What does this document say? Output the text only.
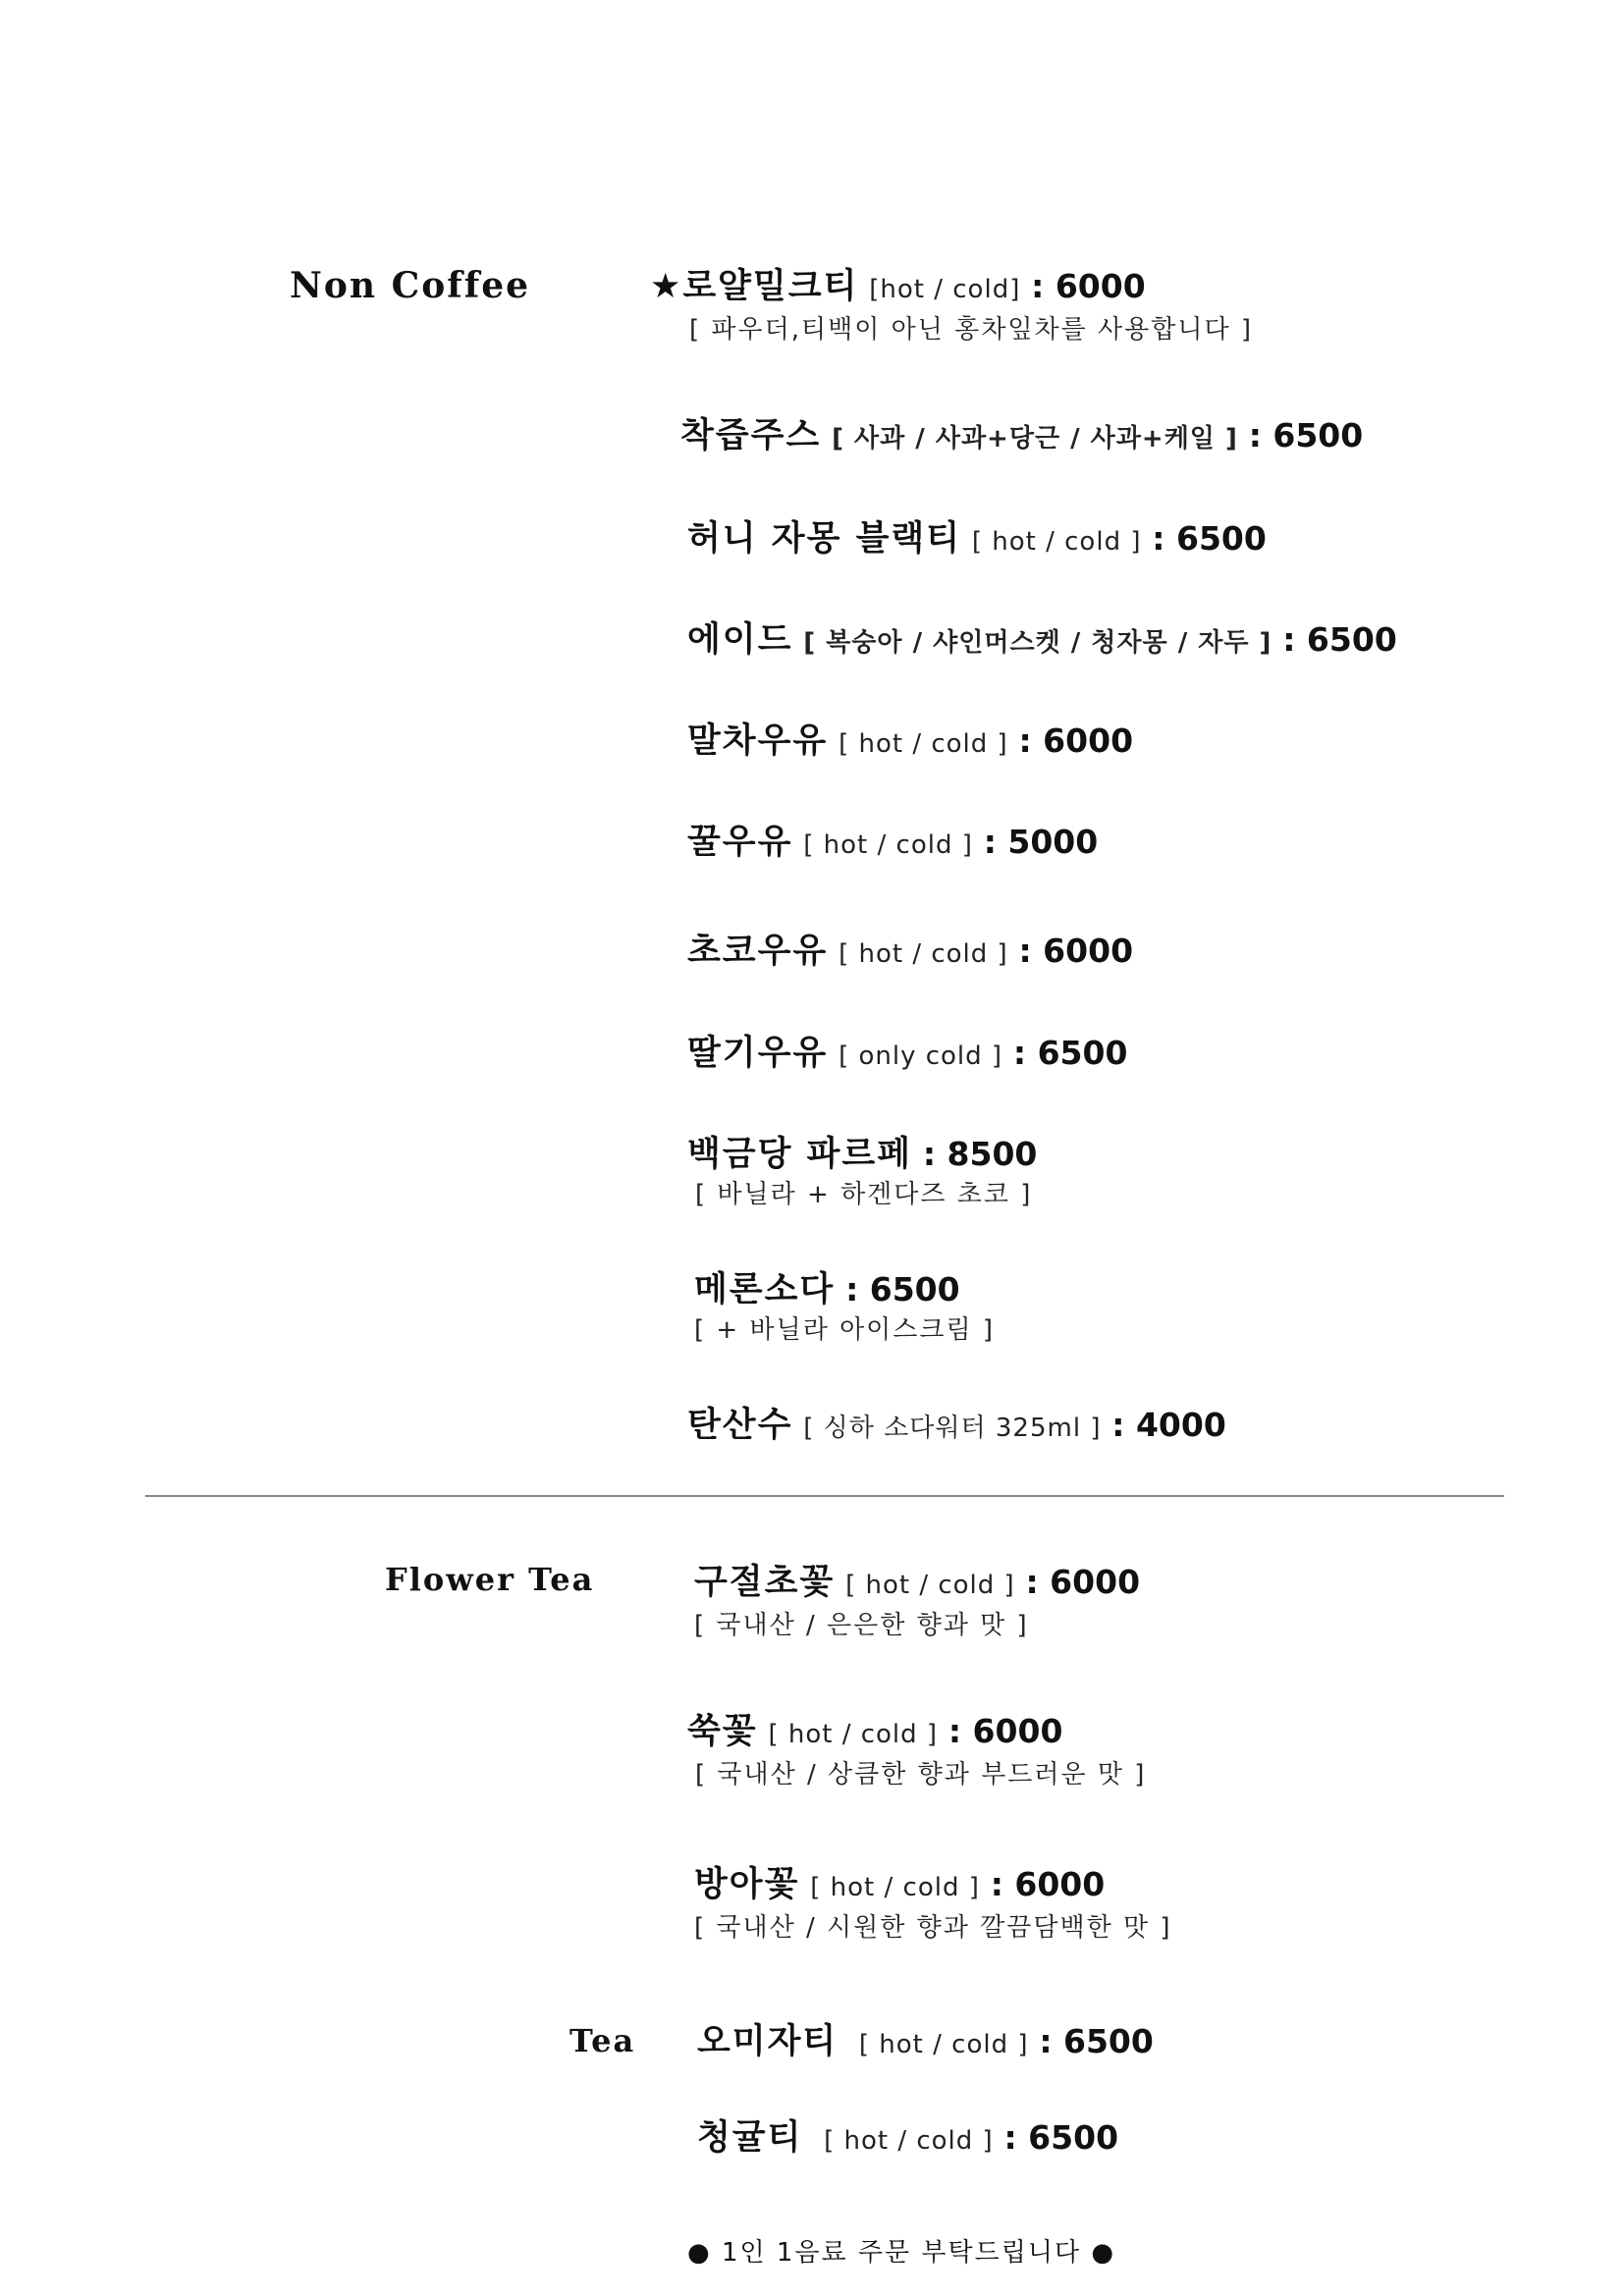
Non Coffee
Flower Tea
Tea
★로얄밀크티 [hot / cold] : 6000
[ 파우더,티백이 아닌 홍차잎차를 사용합니다 ]
착즙주스 [ 사과 / 사과+당근 / 사과+케일 ] : 6500
허니 자몽 블랙티 [ hot / cold ] : 6500
에이드 [ 복숭아 / 샤인머스켓 / 청자몽 / 자두 ] : 6500
말차우유 [ hot / cold ] : 6000
꿀우유 [ hot / cold ] : 5000
초코우유 [ hot / cold ] : 6000
딸기우유 [ only cold ] : 6500
백금당 파르페 : 8500
[ 바닐라 + 하겐다즈 초코 ]
메론소다 : 6500
[ + 바닐라 아이스크림 ]
탄산수 [ 싱하 소다워터 325ml ] : 4000
구절초꽃 [ hot / cold ] : 6000
[ 국내산 / 은은한 향과 맛 ]
쑥꽃 [ hot / cold ] : 6000
[ 국내산 / 상큼한 향과 부드러운 맛 ]
방아꽃 [ hot / cold ] : 6000
[ 국내산 / 시원한 향과 깔끔담백한 맛 ]
오미자티 [ hot / cold ] : 6500
청귤티 [ hot / cold ] : 6500
● 1인 1음료 주문 부탁드립니다 ●
